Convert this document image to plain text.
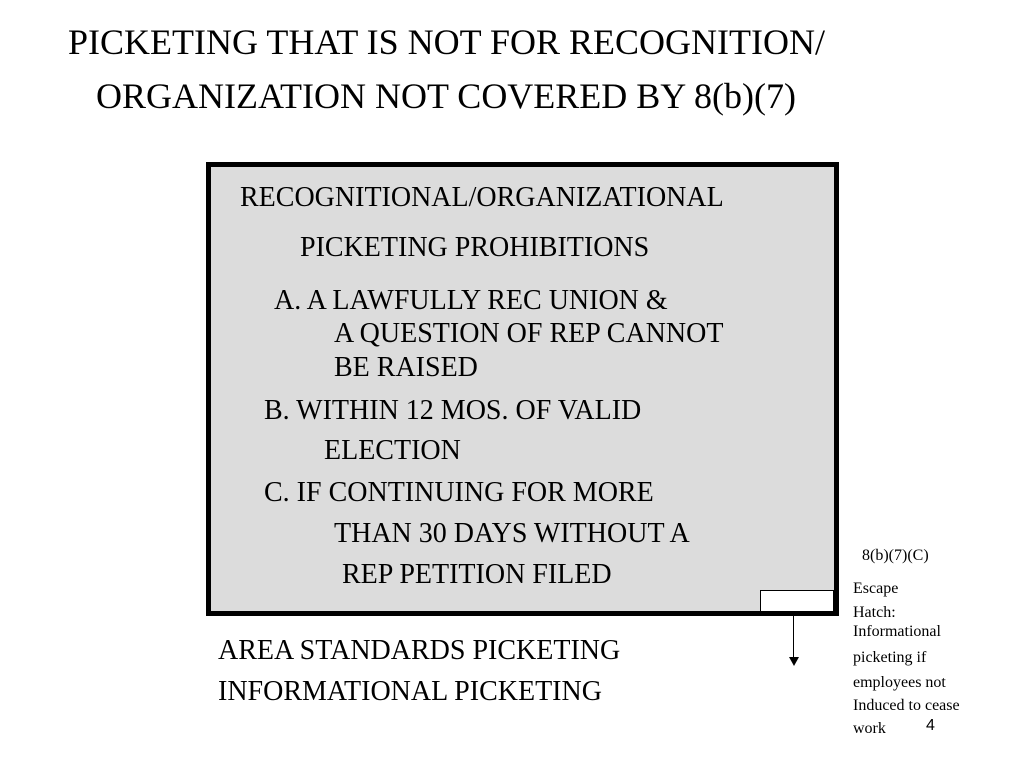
PICKETING THAT IS NOT FOR RECOGNITION/
ORGANIZATION NOT COVERED BY 8(b)(7)
RECOGNITIONAL/ORGANIZATIONAL
PICKETING PROHIBITIONS
A. A LAWFULLY REC UNION &
A QUESTION OF REP CANNOT
BE RAISED
B. WITHIN 12 MOS. OF VALID
ELECTION
C. IF CONTINUING FOR MORE
THAN 30 DAYS WITHOUT A
REP PETITION FILED
AREA STANDARDS PICKETING
INFORMATIONAL PICKETING
8(b)(7)(C)
Escape
Hatch:
Informational
picketing if
employees not
Induced to cease
work	4
